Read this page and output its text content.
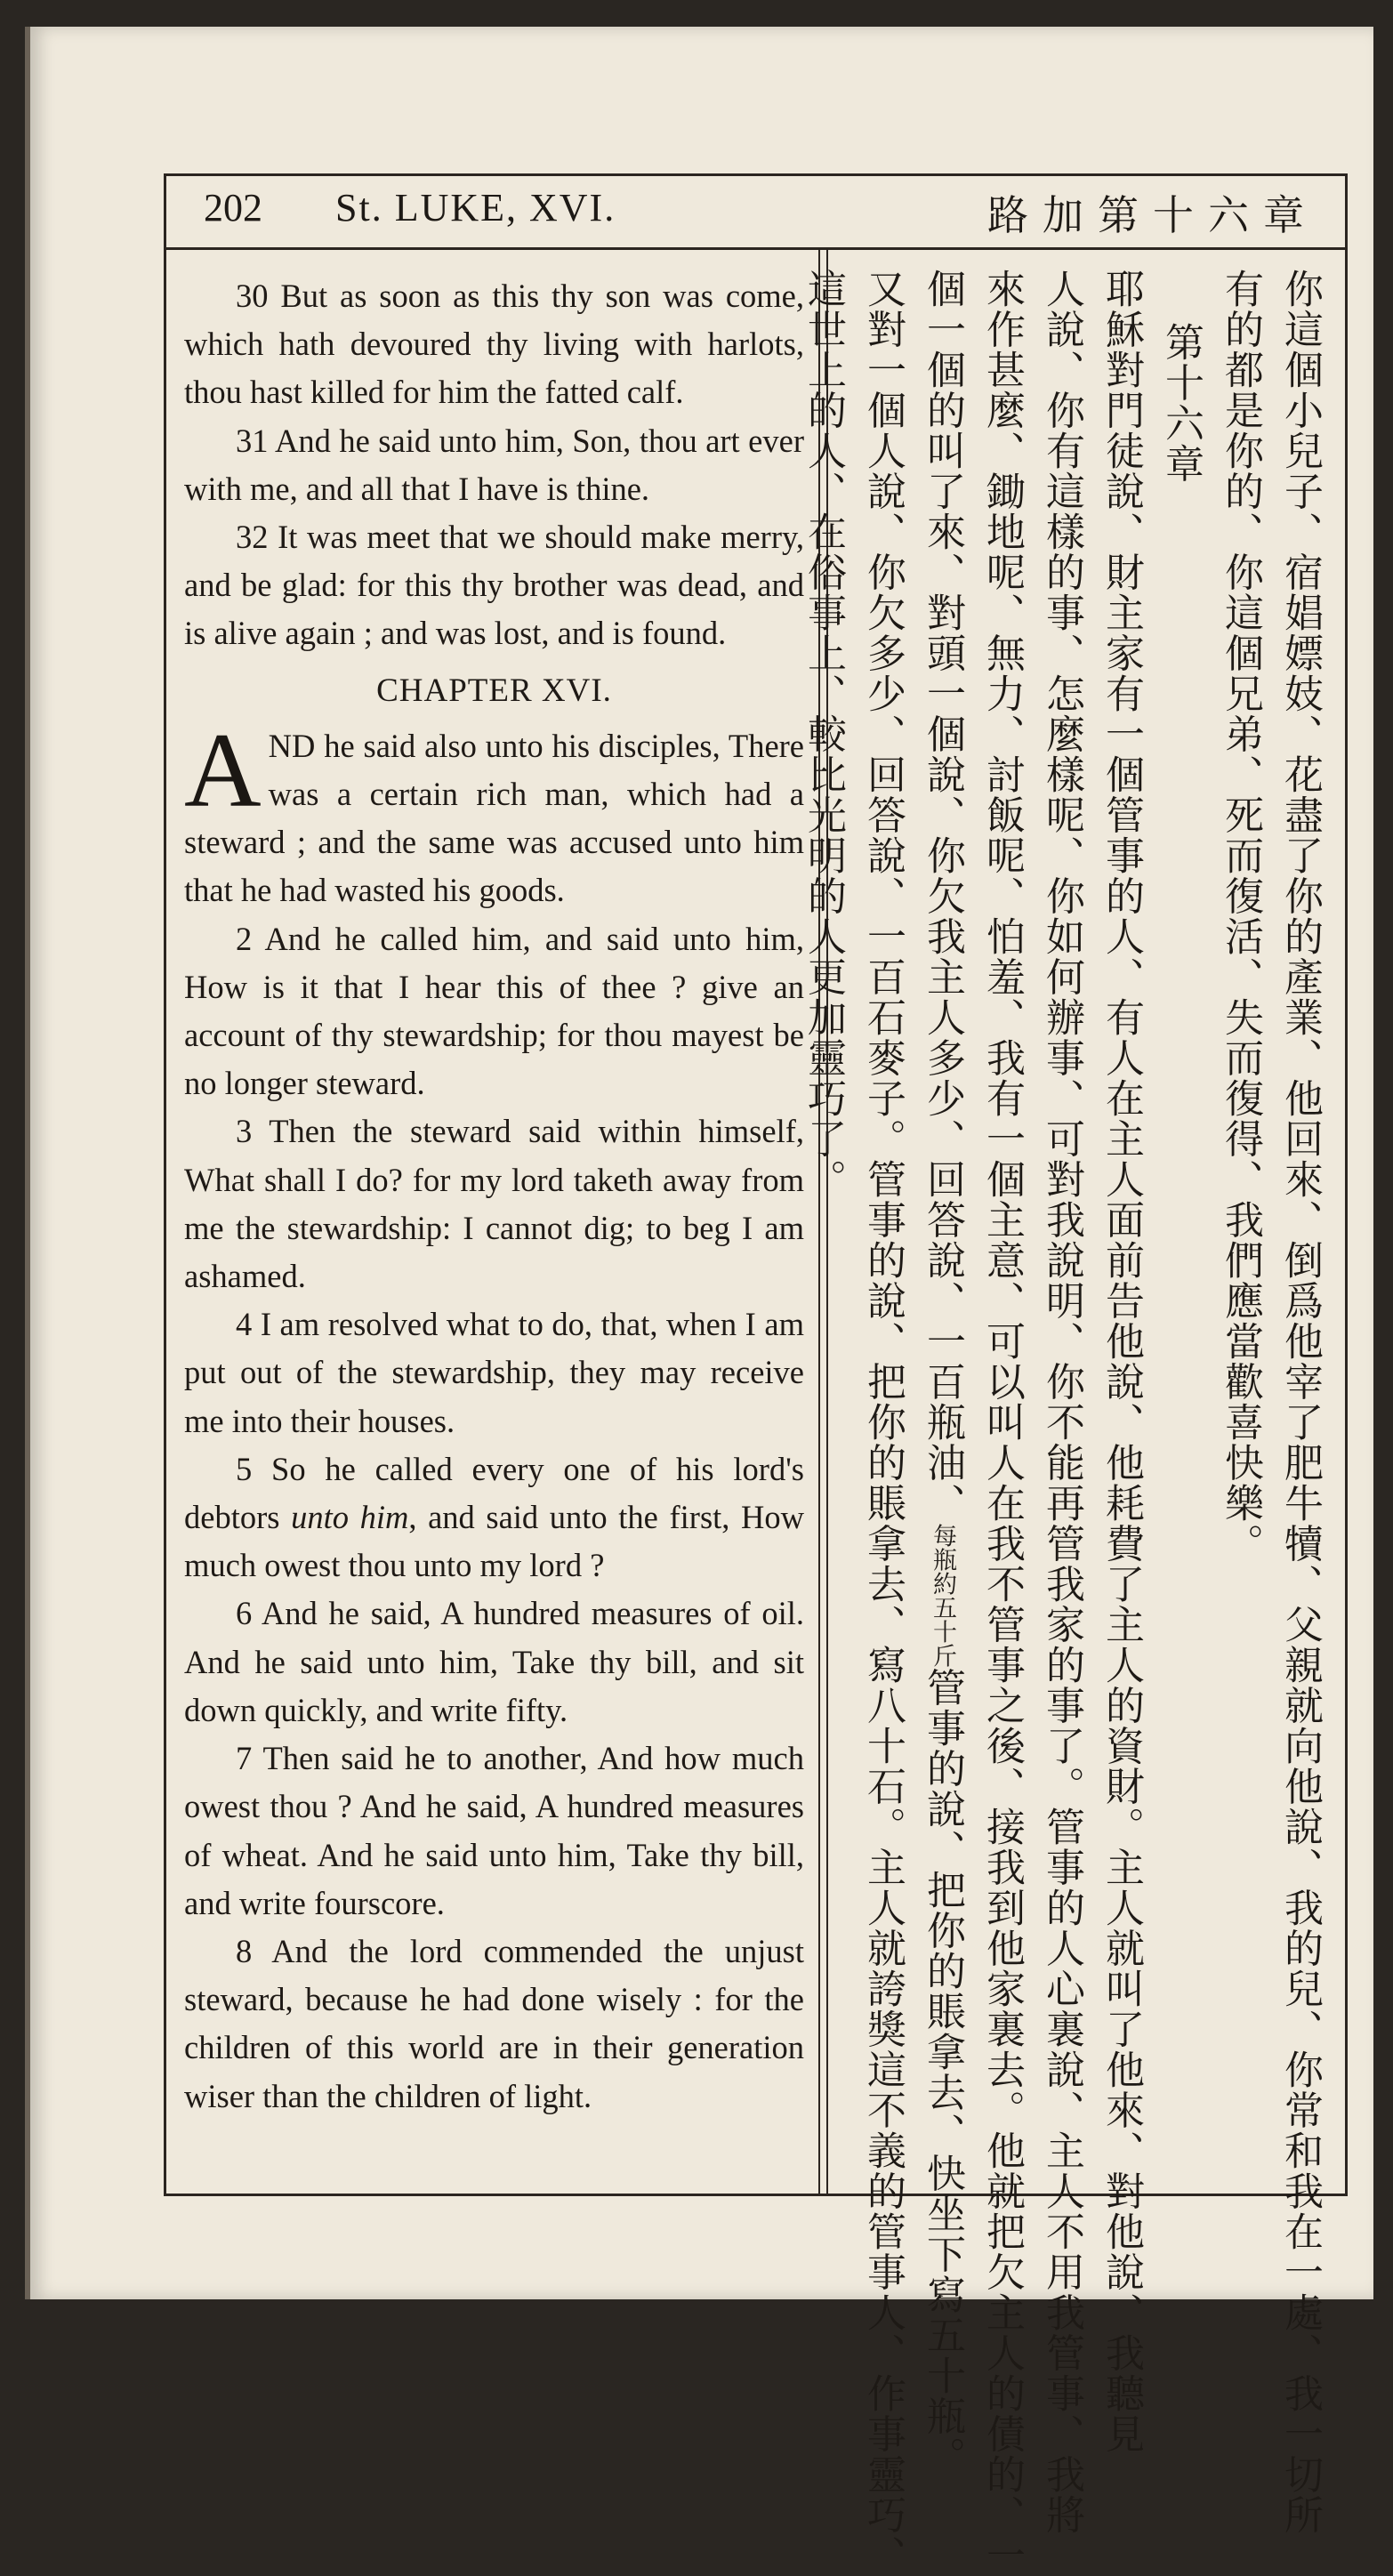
202 St. LUKE, XVI.	路加第十六章

30 But as soon as this thy son was come, which hath devoured thy living with harlots, thou hast killed for him the fatted calf.

31 And he said unto him, Son, thou art ever with me, and all that I have is thine.

32 It was meet that we should make merry, and be glad: for this thy brother was dead, and is alive again ; and was lost, and is found.

CHAPTER XVI.

AND he said also unto his disciples, There was a certain rich man, which had a steward ; and the same was accused unto him that he had wasted his goods.

2 And he called him, and said unto him, How is it that I hear this of thee ? give an account of thy stewardship; for thou mayest be no longer steward.

3 Then the steward said within himself, What shall I do? for my lord taketh away from me the stewardship: I cannot dig; to beg I am ashamed.

4 I am resolved what to do, that, when I am put out of the stewardship, they may receive me into their houses.

5 So he called every one of his lord's debtors unto him, and said unto the first, How much owest thou unto my lord ?

6 And he said, A hundred measures of oil. And he said unto him, Take thy bill, and sit down quickly, and write fifty.

7 Then said he to another, And how much owest thou ? And he said, A hundred measures of wheat. And he said unto him, Take thy bill, and write fourscore.

8 And the lord commended the unjust steward, because he had done wisely : for the children of this world are in their generation wiser than the children of light.	你這個小兒子、宿娼嫖妓、花盡了你的產業、他回來、倒爲他宰了肥牛犢、父親就向他說、我的兒、你常和我在一處、我一切所
有的都是你的、你這個兄弟、死而復活、失而復得、我們應當歡喜快樂。
第十六章
耶穌對門徒說、財主家有一個管事的人、有人在主人面前告他說、他耗費了主人的資財。主人就叫了他來、對他說、我聽見
人說、你有這樣的事、怎麼樣呢、你如何辦事、可對我說明、你不能再管我家的事了。管事的人心裏說、主人不用我管事、我將
來作甚麼、鋤地呢、無力、討飯呢、怕羞、我有一個主意、可以叫人在我不管事之後、接我到他家裏去。他就把欠主人的債的、一
個一個的叫了來、對頭一個說、你欠我主人多少、回答說、一百瓶油、每瓶約五十斤管事的說、把你的賬拿去、快坐下寫五十瓶。
又對一個人說、你欠多少、回答說、一百石麥子。管事的說、把你的賬拿去、寫八十石。主人就誇獎這不義的管事人、作事靈巧、
這世上的人、在俗事上、較比光明的人更加靈巧了。
